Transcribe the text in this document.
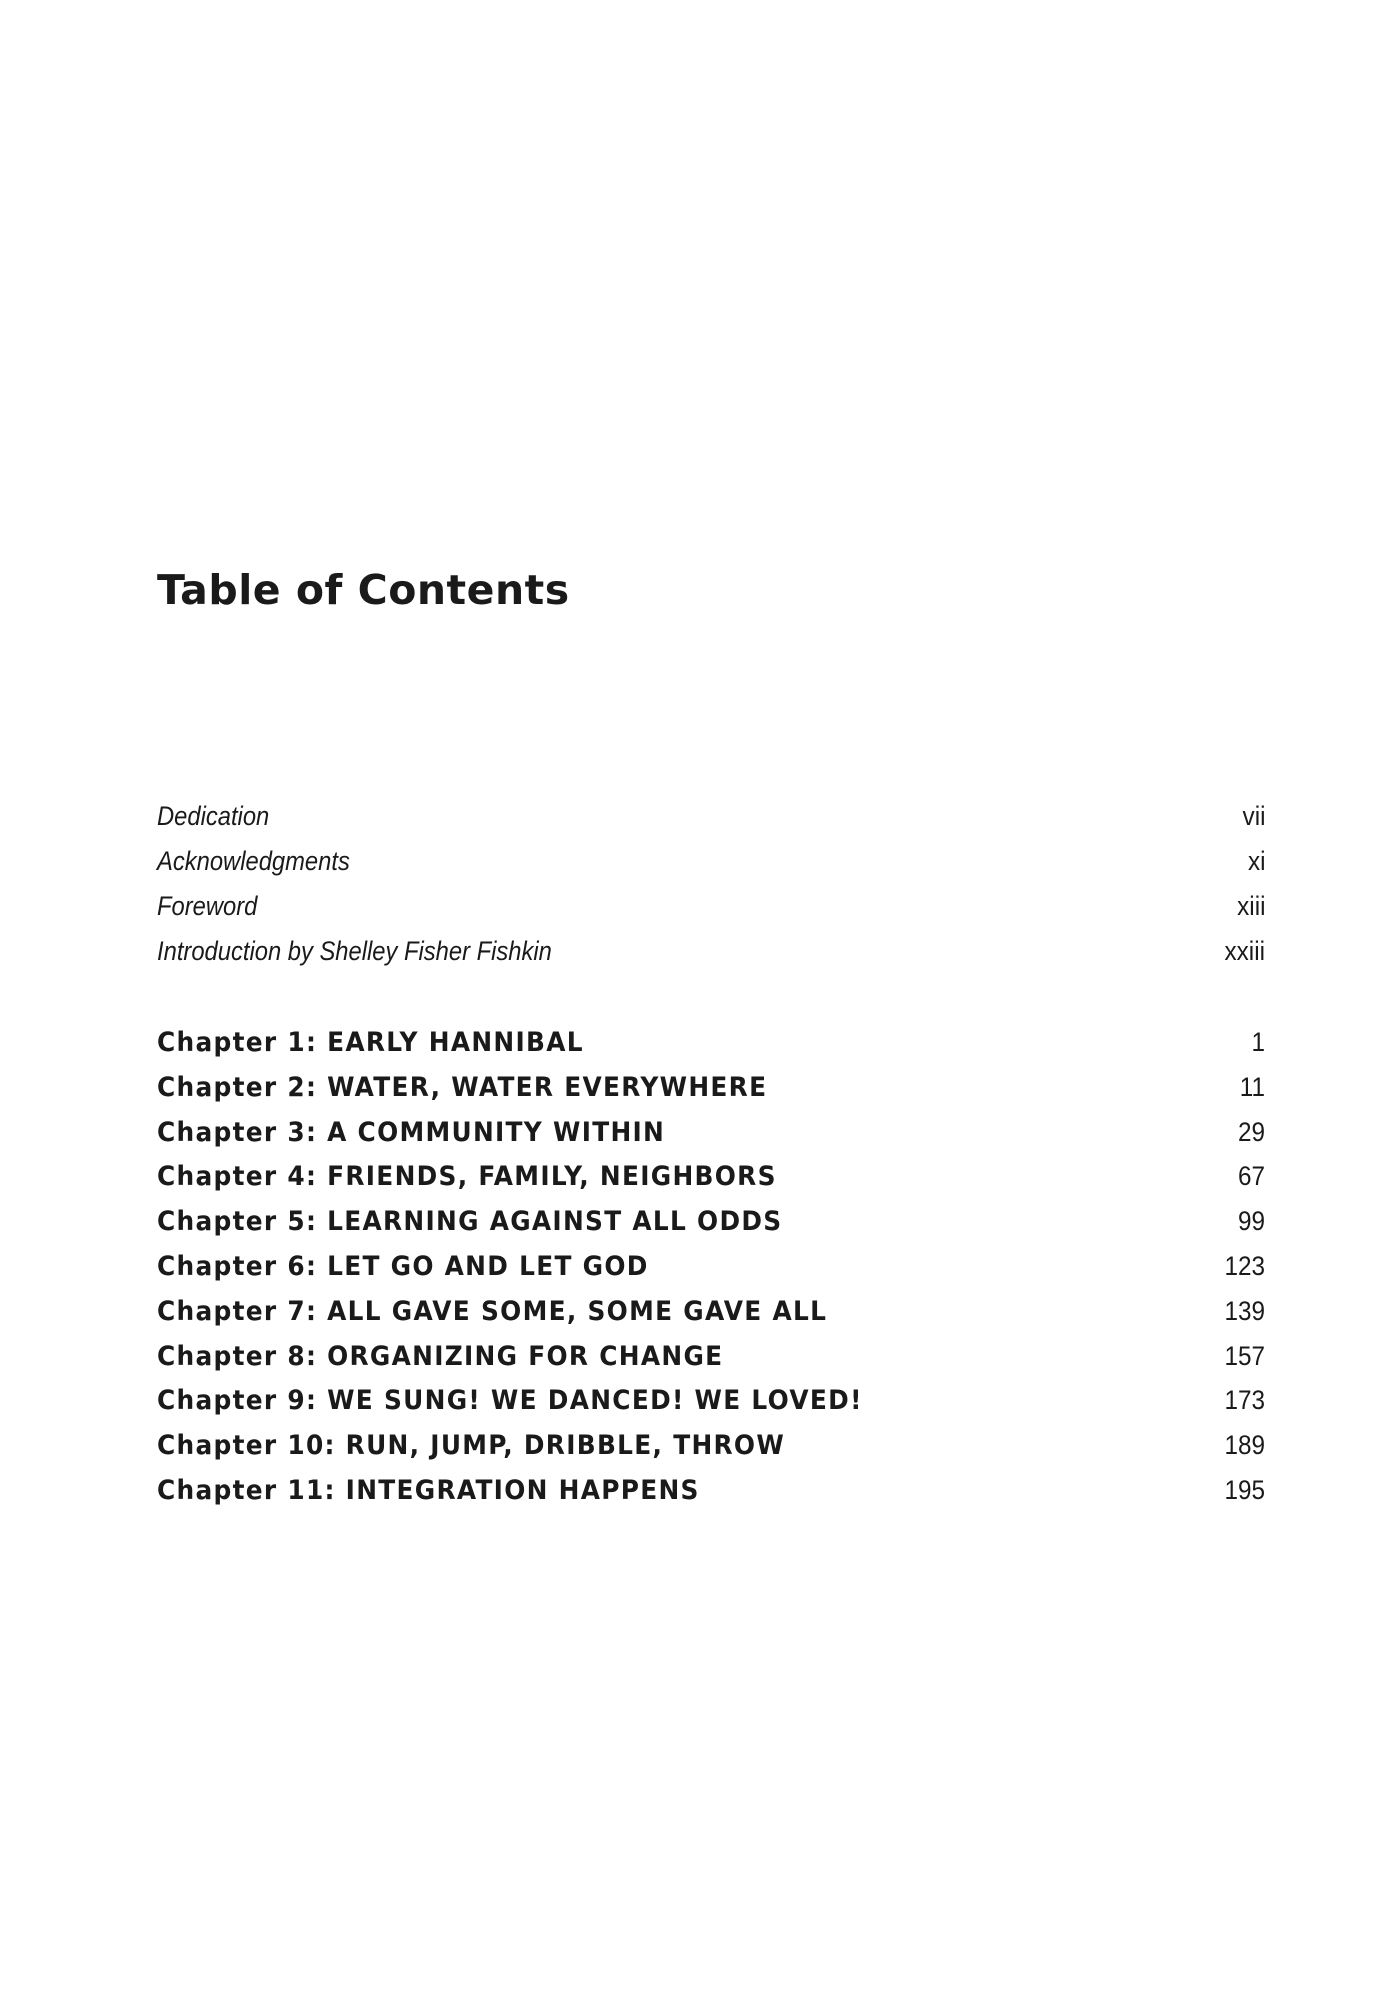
Table of Contents
Dedication	vii
Acknowledgments	xi
Foreword	xiii
Introduction by Shelley Fisher Fishkin	xxiii
Chapter 1: EARLY HANNIBAL	1
Chapter 2: WATER, WATER EVERYWHERE	11
Chapter 3: A COMMUNITY WITHIN	29
Chapter 4: FRIENDS, FAMILY, NEIGHBORS	67
Chapter 5: LEARNING AGAINST ALL ODDS	99
Chapter 6: LET GO AND LET GOD	123
Chapter 7: ALL GAVE SOME, SOME GAVE ALL	139
Chapter 8: ORGANIZING FOR CHANGE	157
Chapter 9: WE SUNG! WE DANCED! WE LOVED!	173
Chapter 10: RUN, JUMP, DRIBBLE, THROW	189
Chapter 11: INTEGRATION HAPPENS	195
